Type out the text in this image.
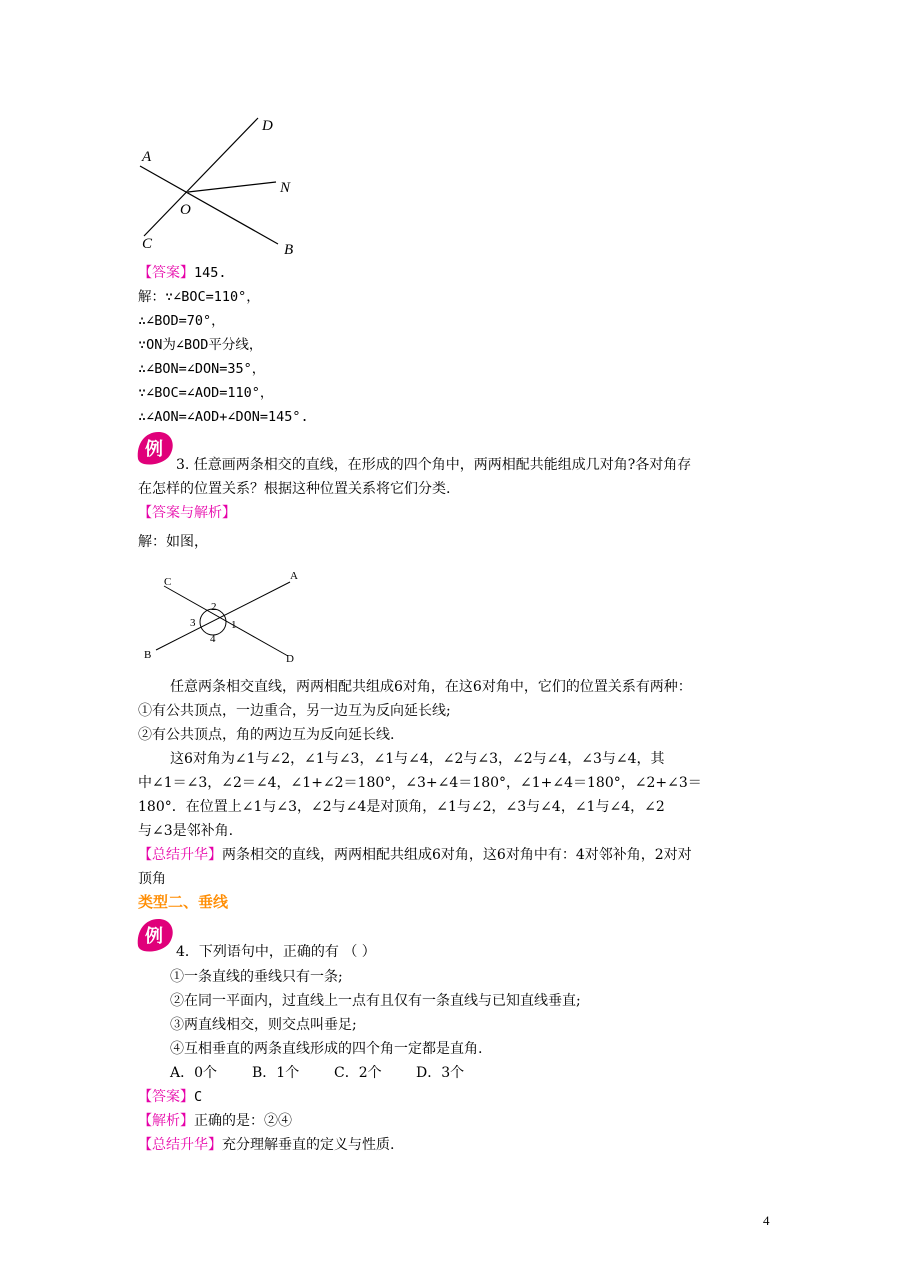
A
D
N
O
C	B
【答案】145.
解：∵∠BOC=110°，
∴∠BOD=70°，
∵ON为∠BOD平分线，
∴∠BON=∠DON=35°，
∵∠BOC=∠AOD=110°，
∴∠AON=∠AOD+∠DON=145°.
例
3. 任意画两条相交的直线，在形成的四个角中，两两相配共能组成几对角?各对角存
在怎样的位置关系？根据这种位置关系将它们分类.
【答案与解析】
解：如图，
C	A
B	D
1
2
3
4
任意两条相交直线，两两相配共组成6对角，在这6对角中，它们的位置关系有两种：
①有公共顶点，一边重合，另一边互为反向延长线;
②有公共顶点，角的两边互为反向延长线.
这6对角为∠1与∠2，∠1与∠3，∠1与∠4，∠2与∠3，∠2与∠4，∠3与∠4，其
中∠1＝∠3，∠2＝∠4，∠1+∠2＝180°，∠3+∠4＝180°，∠1+∠4＝180°，∠2+∠3＝
180°．在位置上∠1与∠3，∠2与∠4是对顶角，∠1与∠2，∠3与∠4，∠1与∠4，∠2
与∠3是邻补角.
【总结升华】两条相交的直线，两两相配共组成6对角，这6对角中有：4对邻补角，2对对
顶角
类型二、垂线
例
4．下列语句中，正确的有 （ ）
①一条直线的垂线只有一条;
②在同一平面内，过直线上一点有且仅有一条直线与已知直线垂直;
③两直线相交，则交点叫垂足;
④互相垂直的两条直线形成的四个角一定都是直角.
A．0个 B．1个 C．2个 D．3个
【答案】C
【解析】正确的是：②④
【总结升华】充分理解垂直的定义与性质.
4
